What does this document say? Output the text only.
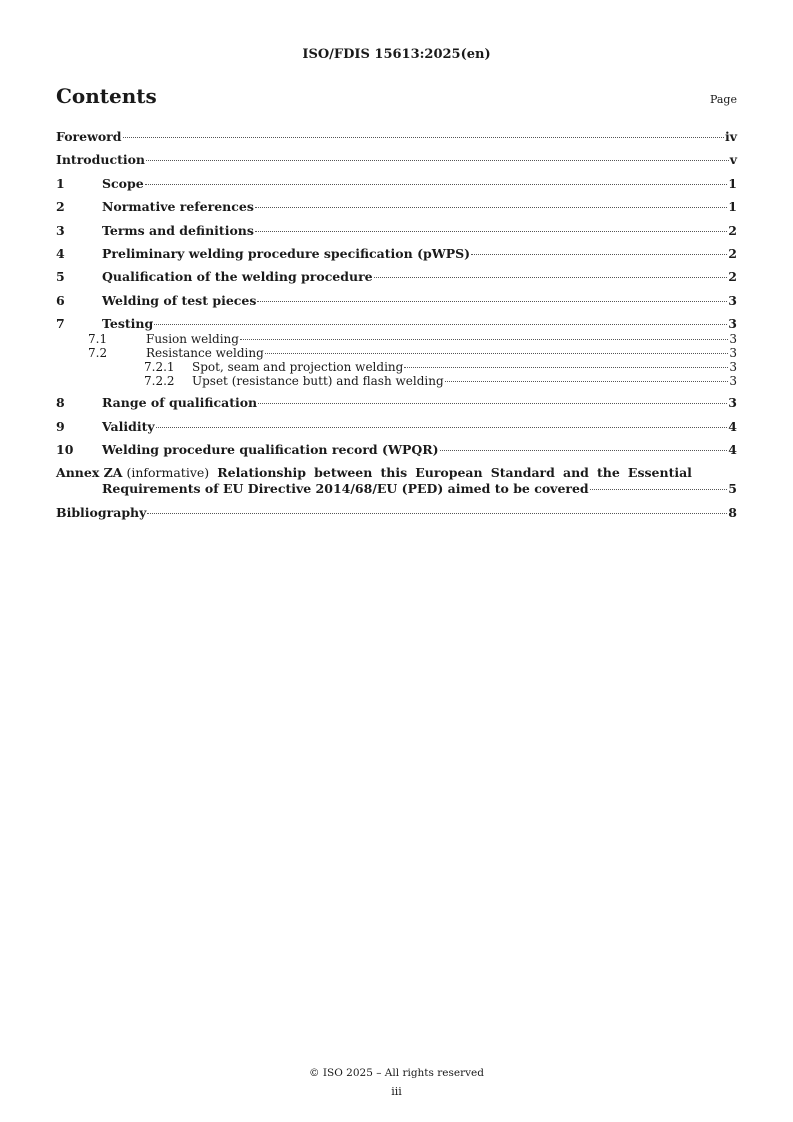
ISO/FDIS 15613:2025(en)
Contents	Page
Foreword	iv
Introduction	v
1	Scope	1
2	Normative references	1
3	Terms and definitions	2
4	Preliminary welding procedure specification (pWPS)	2
5	Qualification of the welding procedure	2
6	Welding of test pieces	3
7	Testing	3
7.1	Fusion welding	3
7.2	Resistance welding	3
7.2.1	Spot, seam and projection welding	3
7.2.2	Upset (resistance butt) and flash welding	3
8	Range of qualification	3
9	Validity	4
10	Welding procedure qualification record (WPQR)	4
Annex ZA (informative) Relationship between this European Standard and the Essential
Requirements of EU Directive 2014/68/EU (PED) aimed to be covered	5
Bibliography	8
© ISO 2025 – All rights reserved
iii
